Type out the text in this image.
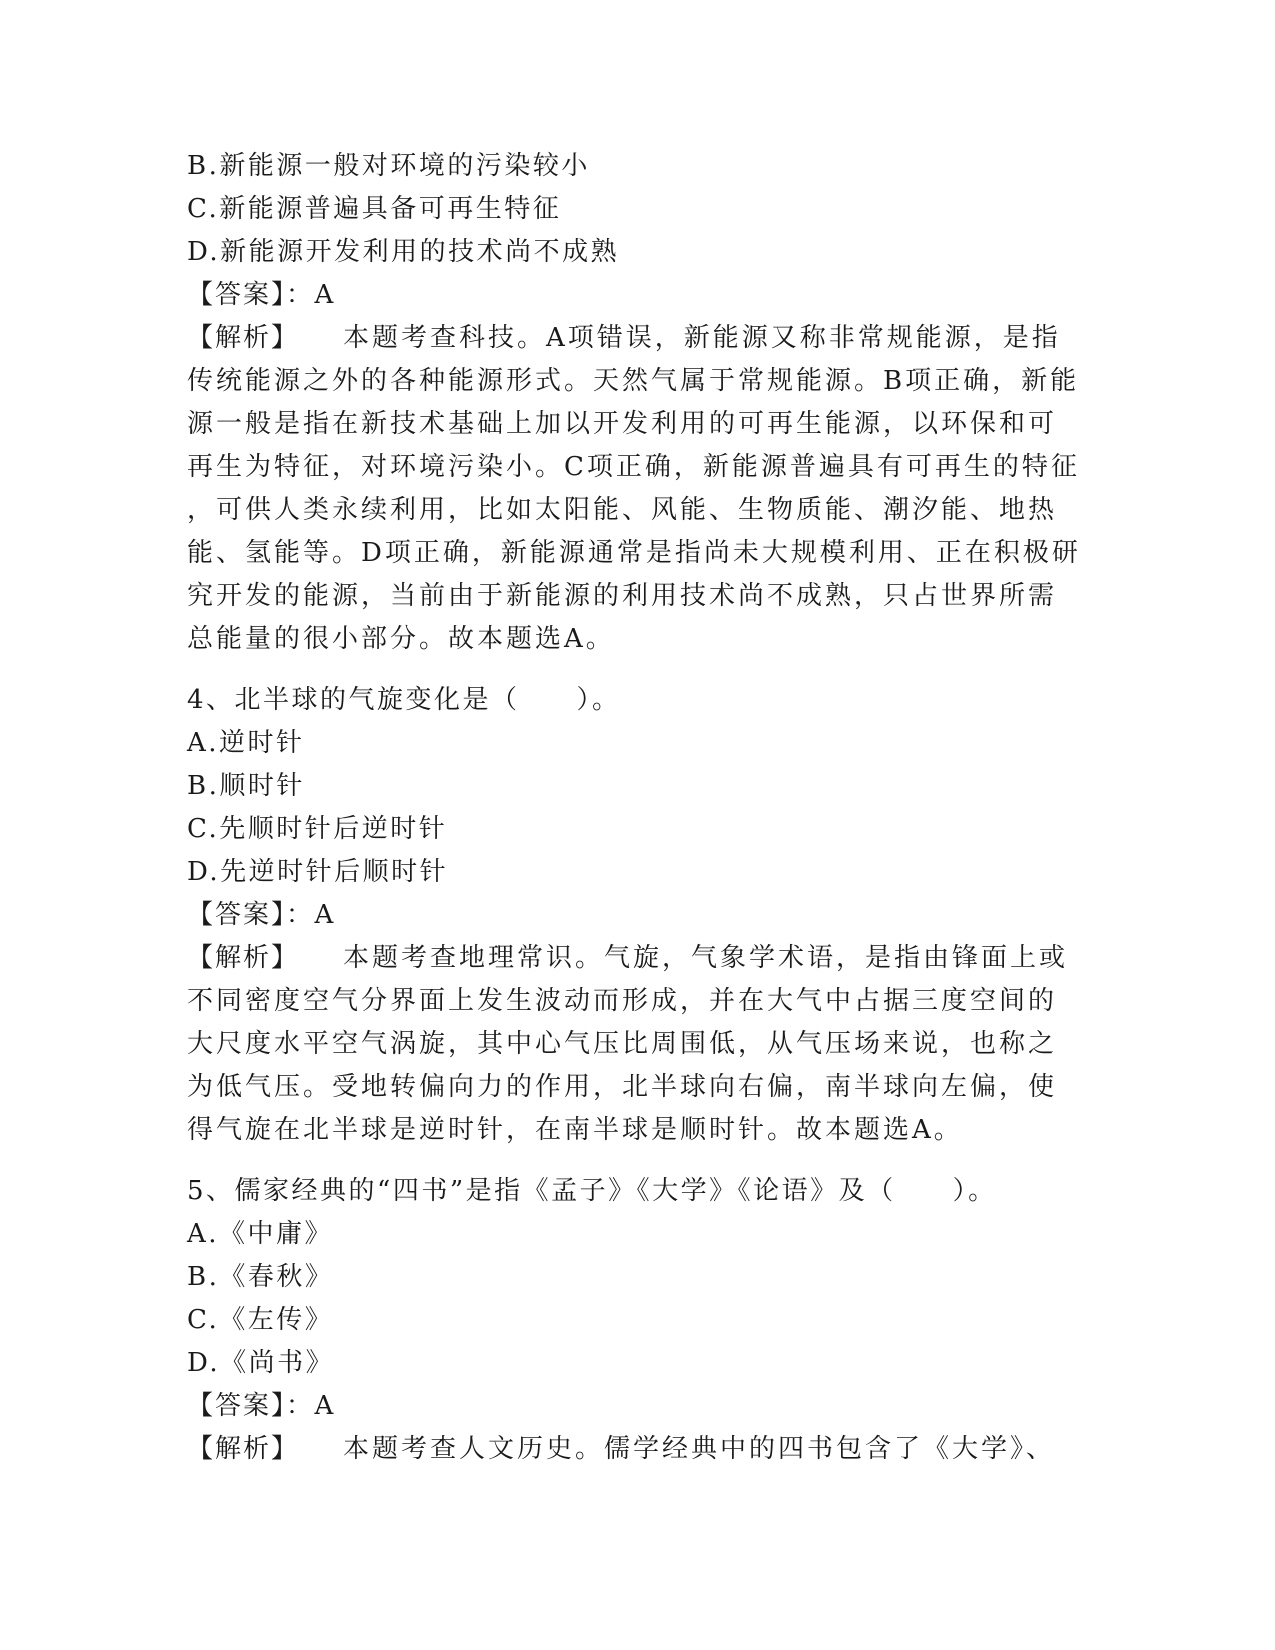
B.新能源一般对环境的污染较小
C.新能源普遍具备可再生特征
D.新能源开发利用的技术尚不成熟
【答案】：A
【解析】 本题考查科技。A项错误，新能源又称非常规能源，是指
传统能源之外的各种能源形式。天然气属于常规能源。B项正确，新能
源一般是指在新技术基础上加以开发利用的可再生能源，以环保和可
再生为特征，对环境污染小。C项正确，新能源普遍具有可再生的特征
，可供人类永续利用，比如太阳能、风能、生物质能、潮汐能、地热
能、氢能等。D项正确，新能源通常是指尚未大规模利用、正在积极研
究开发的能源，当前由于新能源的利用技术尚不成熟，只占世界所需
总能量的很小部分。故本题选A。
4、北半球的气旋变化是（　　）。
A.逆时针
B.顺时针
C.先顺时针后逆时针
D.先逆时针后顺时针
【答案】：A
【解析】 本题考查地理常识。气旋，气象学术语，是指由锋面上或
不同密度空气分界面上发生波动而形成，并在大气中占据三度空间的
大尺度水平空气涡旋，其中心气压比周围低，从气压场来说，也称之
为低气压。受地转偏向力的作用，北半球向右偏，南半球向左偏，使
得气旋在北半球是逆时针，在南半球是顺时针。故本题选A。
5、儒家经典的“四书”是指《孟子》《大学》《论语》及（　　）。
A.《中庸》
B.《春秋》
C.《左传》
D.《尚书》
【答案】：A
【解析】 本题考查人文历史。儒学经典中的四书包含了《大学》、
